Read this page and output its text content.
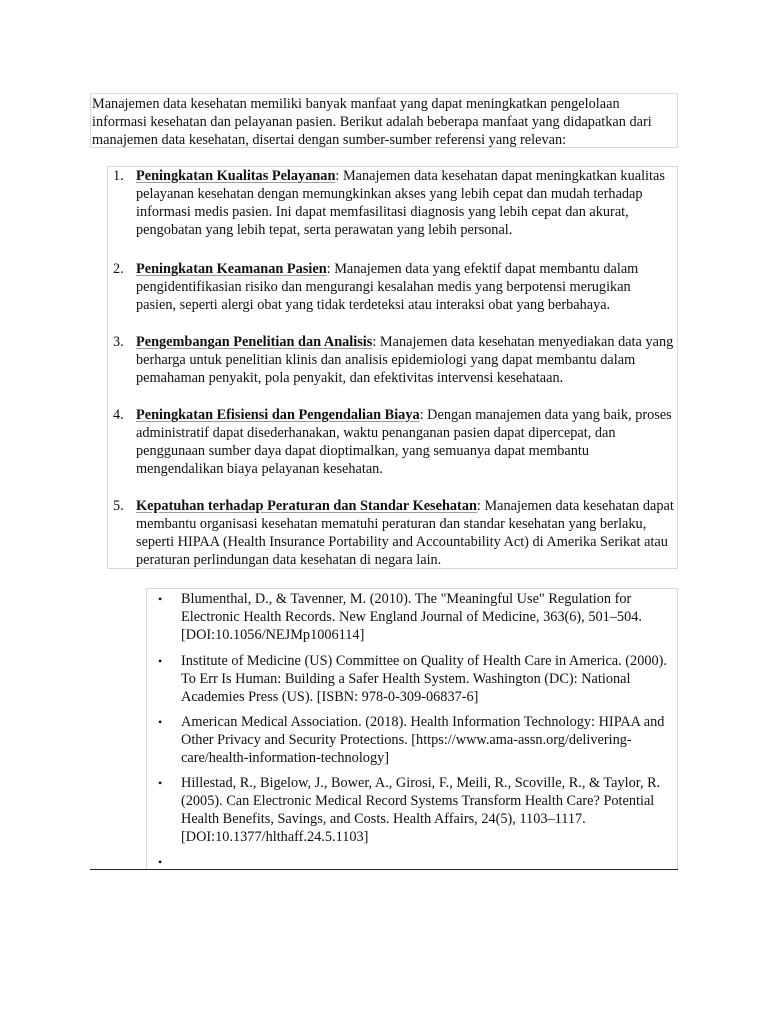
Manajemen data kesehatan memiliki banyak manfaat yang dapat meningkatkan pengelolaan informasi kesehatan dan pelayanan pasien. Berikut adalah beberapa manfaat yang didapatkan dari manajemen data kesehatan, disertai dengan sumber-sumber referensi yang relevan:
1. Peningkatan Kualitas Pelayanan: Manajemen data kesehatan dapat meningkatkan kualitas pelayanan kesehatan dengan memungkinkan akses yang lebih cepat dan mudah terhadap informasi medis pasien. Ini dapat memfasilitasi diagnosis yang lebih cepat dan akurat, pengobatan yang lebih tepat, serta perawatan yang lebih personal.
2. Peningkatan Keamanan Pasien: Manajemen data yang efektif dapat membantu dalam pengidentifikasian risiko dan mengurangi kesalahan medis yang berpotensi merugikan pasien, seperti alergi obat yang tidak terdeteksi atau interaksi obat yang berbahaya.
3. Pengembangan Penelitian dan Analisis: Manajemen data kesehatan menyediakan data yang berharga untuk penelitian klinis dan analisis epidemiologi yang dapat membantu dalam pemahaman penyakit, pola penyakit, dan efektivitas intervensi kesehataan.
4. Peningkatan Efisiensi dan Pengendalian Biaya: Dengan manajemen data yang baik, proses administratif dapat disederhanakan, waktu penanganan pasien dapat dipercepat, dan penggunaan sumber daya dapat dioptimalkan, yang semuanya dapat membantu mengendalikan biaya pelayanan kesehatan.
5. Kepatuhan terhadap Peraturan dan Standar Kesehatan: Manajemen data kesehatan dapat membantu organisasi kesehatan mematuhi peraturan dan standar kesehatan yang berlaku, seperti HIPAA (Health Insurance Portability and Accountability Act) di Amerika Serikat atau peraturan perlindungan data kesehatan di negara lain.
• Blumenthal, D., & Tavenner, M. (2010). The "Meaningful Use" Regulation for Electronic Health Records. New England Journal of Medicine, 363(6), 501–504. [DOI:10.1056/NEJMp1006114]
• Institute of Medicine (US) Committee on Quality of Health Care in America. (2000). To Err Is Human: Building a Safer Health System. Washington (DC): National Academies Press (US). [ISBN: 978-0-309-06837-6]
• American Medical Association. (2018). Health Information Technology: HIPAA and Other Privacy and Security Protections. [https://www.ama-assn.org/delivering-care/health-information-technology]
• Hillestad, R., Bigelow, J., Bower, A., Girosi, F., Meili, R., Scoville, R., & Taylor, R. (2005). Can Electronic Medical Record Systems Transform Health Care? Potential Health Benefits, Savings, and Costs. Health Affairs, 24(5), 1103–1117. [DOI:10.1377/hlthaff.24.5.1103]
•
